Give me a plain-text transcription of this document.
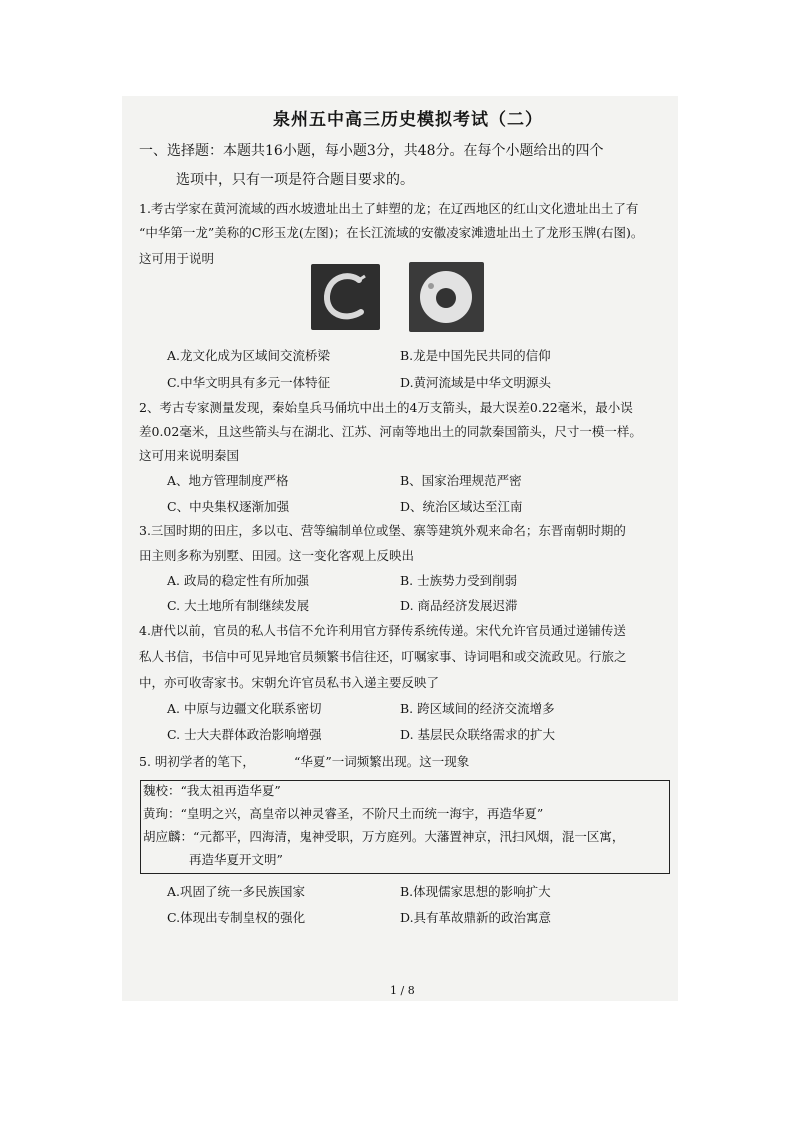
泉州五中高三历史模拟考试（二）
一、选择题：本题共16小题，每小题3分，共48分。在每个小题给出的四个
选项中，只有一项是符合题目要求的。
1.考古学家在黄河流域的西水坡遗址出土了蚌塑的龙；在辽西地区的红山文化遗址出土了有
“中华第一龙”美称的C形玉龙(左图)；在长江流域的安徽凌家滩遗址出土了龙形玉牌(右图)。
这可用于说明
A.龙文化成为区域间交流桥梁	B.龙是中国先民共同的信仰
C.中华文明具有多元一体特征	D.黄河流域是中华文明源头
2、考古专家测量发现，秦始皇兵马俑坑中出土的4万支箭头，最大误差0.22毫米，最小误
差0.02毫米，且这些箭头与在湖北、江苏、河南等地出土的同款秦国箭头，尺寸一模一样。
这可用来说明秦国
A、地方管理制度严格	B、国家治理规范严密
C、中央集权逐渐加强	D、统治区域达至江南
3.三国时期的田庄，多以屯、营等编制单位或堡、寨等建筑外观来命名；东晋南朝时期的
田主则多称为别墅、田园。这一变化客观上反映出
A. 政局的稳定性有所加强	B. 士族势力受到削弱
C. 大土地所有制继续发展	D. 商品经济发展迟滞
4.唐代以前，官员的私人书信不允许利用官方驿传系统传递。宋代允许官员通过递铺传送
私人书信，书信中可见异地官员频繁书信往还，叮嘱家事、诗词唱和或交流政见。行旅之
中，亦可收寄家书。宋朝允许官员私书入递主要反映了
A. 中原与边疆文化联系密切	B. 跨区域间的经济交流增多
C. 士大夫群体政治影响增强	D. 基层民众联络需求的扩大
5. 明初学者的笔下，	“华夏”一词频繁出现。这一现象
魏校：“我太祖再造华夏”
黄珣：“皇明之兴，高皇帝以神灵睿圣，不阶尺土而统一海宇，再造华夏”
胡应麟：“元都平，四海清，鬼神受职，万方庭列。大藩置神京，汛扫风烟，混一区寓，
再造华夏开文明”
A.巩固了统一多民族国家	B.体现儒家思想的影响扩大
C.体现出专制皇权的强化	D.具有革故鼎新的政治寓意
1 / 8
